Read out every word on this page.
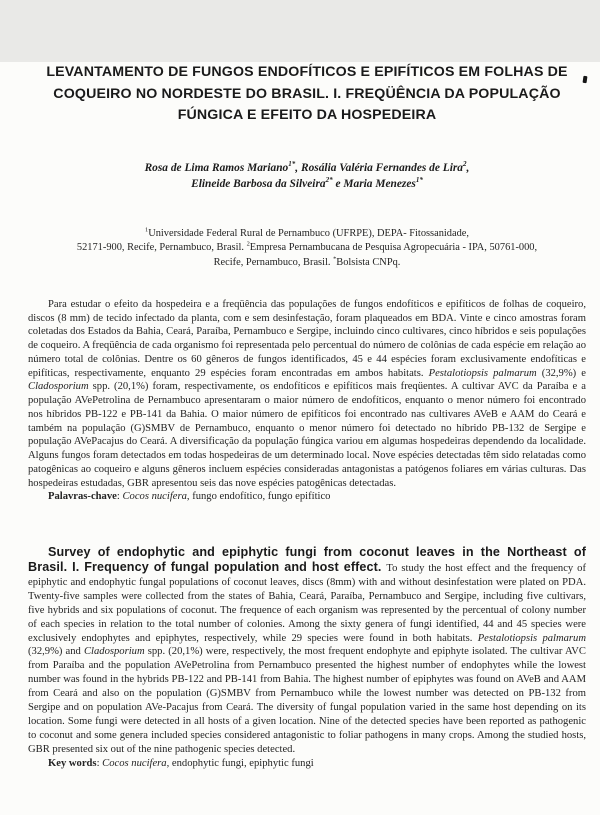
LEVANTAMENTO DE FUNGOS ENDOFÍTICOS E EPIFÍTICOS EM FOLHAS DE
COQUEIRO NO NORDESTE DO BRASIL. I. FREQÜÊNCIA DA POPULAÇÃO
FÚNGICA E EFEITO DA HOSPEDEIRA

Rosa de Lima Ramos Mariano$^{1*}$, Rosália Valéria Fernandes de Lira$^2$,
Elineide Barbosa da Silveira$^{2*}$ e Maria Menezes$^{1*}$

$^1$Universidade Federal Rural de Pernambuco (UFRPE), DEPA- Fitossanidade,
52171-900, Recife, Pernambuco, Brasil. $^2$Empresa Pernambucana de Pesquisa Agropecuária - IPA, 50761-000,
Recife, Pernambuco, Brasil. *Bolsista CNPq.

Para estudar o efeito da hospedeira e a freqüência das populações de fungos endofíticos e epifíticos de folhas de coqueiro, discos (8 mm) de tecido infectado da planta, com e sem desinfestação, foram plaqueados em BDA. Vinte e cinco amostras foram coletadas dos Estados da Bahia, Ceará, Paraíba, Pernambuco e Sergipe, incluindo cinco cultivares, cinco híbridos e seis populações de coqueiro. A freqüência de cada organismo foi representada pelo percentual do número de colônias de cada espécie em relação ao número total de colônias. Dentre os 60 gêneros de fungos identificados, 45 e 44 espécies foram exclusivamente endofíticas e epifíticas, respectivamente, enquanto 29 espécies foram encontradas em ambos habitats. Pestalotiopsis palmarum (32,9%) e Cladosporium spp. (20,1%) foram, respectivamente, os endofíticos e epifíticos mais freqüentes. A cultivar AVC da Paraíba e a população AVePetrolina de Pernambuco apresentaram o maior número de endofíticos, enquanto o menor número foi encontrado nos híbridos PB-122 e PB-141 da Bahia. O maior número de epifíticos foi encontrado nas cultivares AVeB e AAM do Ceará e também na população (G)SMBV de Pernambuco, enquanto o menor número foi detectado no híbrido PB-132 de Sergipe e população AVePacajus do Ceará. A diversificação da população fúngica variou em algumas hospedeiras dependendo da localidade. Alguns fungos foram detectados em todas hospedeiras de um determinado local. Nove espécies detectadas têm sido relatadas como patogênicas ao coqueiro e alguns gêneros incluem espécies consideradas antagonistas a patógenos foliares em várias culturas. Das hospedeiras estudadas, GBR apresentou seis das nove espécies patogênicas detectadas.

Palavras-chave: Cocos nucifera, fungo endofítico, fungo epifítico

Survey of endophytic and epiphytic fungi from coconut leaves in the Northeast of Brasil. I. Frequency of fungal population and host effect. To study the host effect and the frequency of epiphytic and endophytic fungal populations of coconut leaves, discs (8mm) with and without desinfestation were plated on PDA. Twenty-five samples were collected from the states of Bahia, Ceará, Paraíba, Pernambuco and Sergipe, including five cultivars, five hybrids and six populations of coconut. The frequence of each organism was represented by the percentual of colony number of each species in relation to the total number of colonies. Among the sixty genera of fungi identified, 44 and 45 species were exclusively endophytes and epiphytes, respectively, while 29 species were found in both habitats. Pestalotiopsis palmarum (32,9%) and Cladosporium spp. (20,1%) were, respectively, the most frequent endophyte and epiphyte isolated. The cultivar AVC from Paraíba and the population AVePetrolina from Pernambuco presented the highest number of endophytes while the lowest number was found in the hybrids PB-122 and PB-141 from Bahia. The highest number of epiphytes was found on AVeB and AAM from Ceará and also on the population (G)SMBV from Pernambuco while the lowest number was detected on PB-132 from Sergipe and on population AVe-Pacajus from Ceará. The diversity of fungal population varied in the same host depending on its location. Some fungi were detected in all hosts of a given location. Nine of the detected species have been reported as pathogenic to coconut and some genera included species considered antagonistic to foliar pathogens in many crops. Among the studied hosts, GBR presented six out of the nine pathogenic species detected.

Key words: Cocos nucifera, endophytic fungi, epiphytic fungi
